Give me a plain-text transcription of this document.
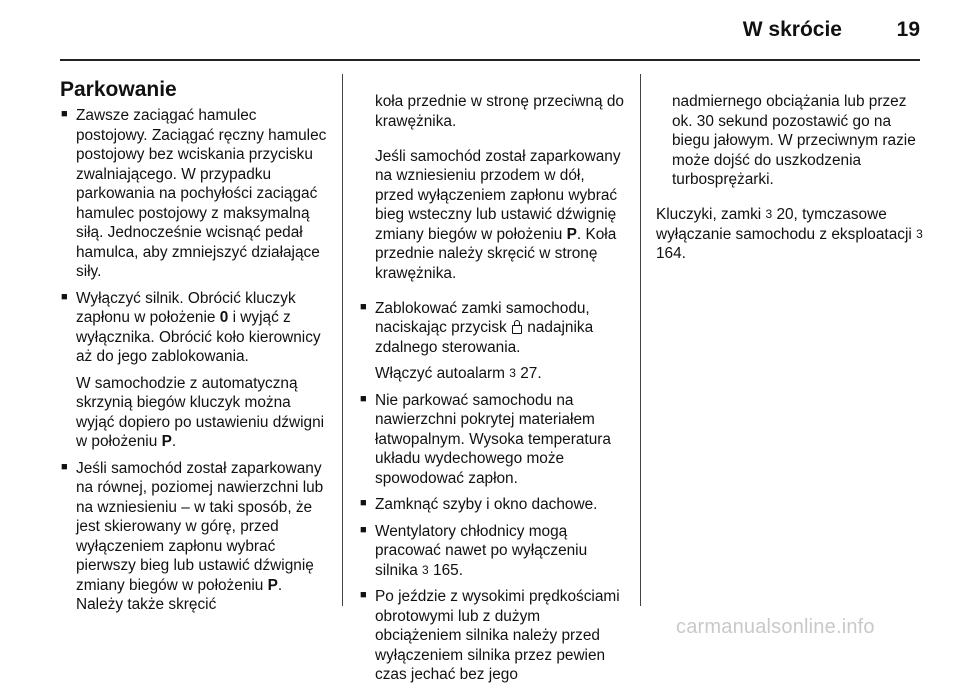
W skrócie	19
Parkowanie

■ Zawsze zaciągać hamulec postojowy. Zaciągać ręczny hamulec postojowy bez wciskania przycisku zwalniającego. W przypadku parkowania na pochyłości zaciągać hamulec postojowy z maksymalną siłą. Jednocześnie wcisnąć pedał hamulca, aby zmniejszyć działające siły.

■ Wyłączyć silnik. Obrócić kluczyk zapłonu w położenie 0 i wyjąć z wyłącznika. Obrócić koło kierownicy aż do jego zablokowania.

W samochodzie z automatyczną skrzynią biegów kluczyk można wyjąć dopiero po ustawieniu dźwigni w położeniu P.

■ Jeśli samochód został zaparkowany na równej, poziomej nawierzchni lub na wzniesieniu – w taki sposób, że jest skierowany w górę, przed wyłączeniem zapłonu wybrać pierwszy bieg lub ustawić dźwignię zmiany biegów w położeniu P. Należy także skręcić

koła przednie w stronę przeciwną do krawężnika.

Jeśli samochód został zaparkowany na wzniesieniu przodem w dół, przed wyłączeniem zapłonu wybrać bieg wsteczny lub ustawić dźwignię zmiany biegów w położeniu P. Koła przednie należy skręcić w stronę krawężnika.

■ Zablokować zamki samochodu, naciskając przycisk  nadajnika zdalnego sterowania.

Włączyć autoalarm 3 27.

■ Nie parkować samochodu na nawierzchni pokrytej materiałem łatwopalnym. Wysoka temperatura układu wydechowego może spowodować zapłon.

■ Zamknąć szyby i okno dachowe.

■ Wentylatory chłodnicy mogą pracować nawet po wyłączeniu silnika 3 165.

■ Po jeździe z wysokimi prędkościami obrotowymi lub z dużym obciążeniem silnika należy przed wyłączeniem silnika przez pewien czas jechać bez jego

nadmiernego obciążania lub przez ok. 30 sekund pozostawić go na biegu jałowym. W przeciwnym razie może dojść do uszkodzenia turbosprężarki.

Kluczyki, zamki 3 20, tymczasowe wyłączanie samochodu z eksploatacji 3 164.

carmanualsonline.info
